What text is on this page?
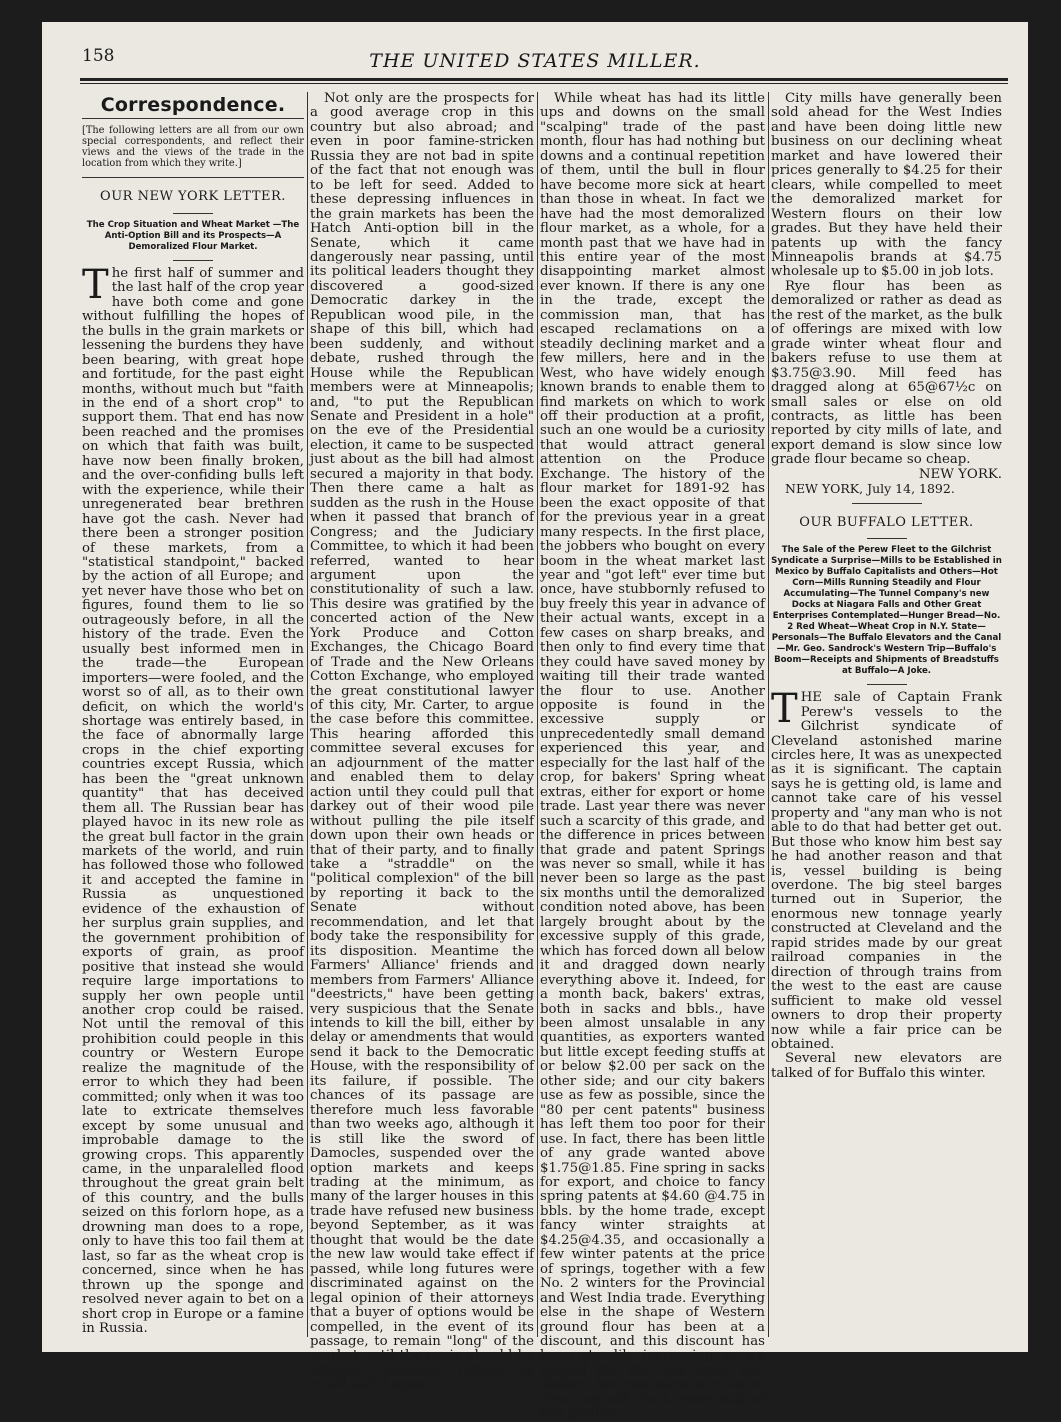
158	THE UNITED STATES MILLER.
Correspondence.
[The following letters are all from our own special correspondents, and reflect their views and the views of the trade in the location from which they write.]
OUR NEW YORK LETTER.
The Crop Situation and Wheat Market —The Anti-Option Bill and its Prospects—A Demoralized Flour Market.

The first half of summer and the last half of the crop year have both come and gone without fulfilling the hopes of the bulls in the grain markets or lessening the burdens they have been bearing, with great hope and fortitude, for the past eight months, without much but "faith in the end of a short crop" to support them. That end has now been reached and the promises on which that faith was built, have now been finally broken, and the over-confiding bulls left with the experience, while their unregenerated bear brethren have got the cash. Never had there been a stronger position of these markets, from a "statistical standpoint," backed by the action of all Europe; and yet never have those who bet on figures, found them to lie so outrageously before, in all the history of the trade. Even the usually best informed men in the trade—the European importers—were fooled, and the worst so of all, as to their own deficit, on which the world's shortage was entirely based, in the face of abnormally large crops in the chief exporting countries except Russia, which has been the "great unknown quantity" that has deceived them all. The Russian bear has played havoc in its new role as the great bull factor in the grain markets of the world, and ruin has followed those who followed it and accepted the famine in Russia as unquestioned evidence of the exhaustion of her surplus grain supplies, and the government prohibition of exports of grain, as proof positive that instead she would require large importations to supply her own people until another crop could be raised. Not until the removal of this prohibition could people in this country or Western Europe realize the magnitude of the error to which they had been committed; only when it was too late to extricate themselves except by some unusual and improbable damage to the growing crops. This apparently came, in the unparalelled flood throughout the great grain belt of this country, and the bulls seized on this forlorn hope, as a drowning man does to a rope, only to have this too fail them at last, so far as the wheat crop is concerned, since when he has thrown up the sponge and resolved never again to bet on a short crop in Europe or a famine in Russia.

Not only are the prospects for a good average crop in this country but also abroad; and even in poor famine-stricken Russia they are not bad in spite of the fact that not enough was to be left for seed. Added to these depressing influences in the grain markets has been the Hatch Anti-option bill in the Senate, which it came dangerously near passing, until its political leaders thought they discovered a good-sized Democratic darkey in the Republican wood pile, in the shape of this bill, which had been suddenly, and without debate, rushed through the House while the Republican members were at Minneapolis; and, "to put the Republican Senate and President in a hole" on the eve of the Presidential election, it came to be suspected just about as the bill had almost secured a majority in that body. Then there came a halt as sudden as the rush in the House when it passed that branch of Congress; and the Judiciary Committee, to which it had been referred, wanted to hear argument upon the constitutionality of such a law. This desire was gratified by the concerted action of the New York Produce and Cotton Exchanges, the Chicago Board of Trade and the New Orleans Cotton Exchange, who employed the great constitutional lawyer of this city, Mr. Carter, to argue the case before this committee. This hearing afforded this committee several excuses for an adjournment of the matter and enabled them to delay action until they could pull that darkey out of their wood pile without pulling the pile itself down upon their own heads or that of their party, and to finally take a "straddle" on the "political complexion" of the bill by reporting it back to the Senate without recommendation, and let that body take the responsibility for its disposition. Meantime the Farmers' Alliance' friends and members from Farmers' Alliance "deestricts," have been getting very suspicious that the Senate intends to kill the bill, either by delay or amendments that would send it back to the Democratic House, with the responsibility of its failure, if possible. The chances of its passage are therefore much less favorable than two weeks ago, although it is still like the sword of Damocles, suspended over the option markets and keeps trading at the minimum, as many of the larger houses in this trade have refused new business beyond September, as it was thought that would be the date the new law would take effect if passed, while long futures were discriminated against on the legal opinion of their attorneys that a buyer of options would be compelled, in the event of its passage, to remain "long" of the market until the grain should be actually delivered before he could sell it again.

While wheat has had its little ups and downs on the small "scalping" trade of the past month, flour has had nothing but downs and a continual repetition of them, until the bull in flour have become more sick at heart than those in wheat. In fact we have had the most demoralized flour market, as a whole, for a month past that we have had in this entire year of the most disappointing market almost ever known. If there is any one in the trade, except the commission man, that has escaped reclamations on a steadily declining market and a few millers, here and in the West, who have widely enough known brands to enable them to find markets on which to work off their production at a profit, such an one would be a curiosity that would attract general attention on the Produce Exchange. The history of the flour market for 1891-92 has been the exact opposite of that for the previous year in a great many respects. In the first place, the jobbers who bought on every boom in the wheat market last year and "got left" ever time but once, have stubbornly refused to buy freely this year in advance of their actual wants, except in a few cases on sharp breaks, and then only to find every time that they could have saved money by waiting till their trade wanted the flour to use. Another opposite is found in the excessive supply or unprecedentedly small demand experienced this year, and especially for the last half of the crop, for bakers' Spring wheat extras, either for export or home trade. Last year there was never such a scarcity of this grade, and the difference in prices between that grade and patent Springs was never so small, while it has never been so large as the past six months until the demoralized condition noted above, has been largely brought about by the excessive supply of this grade, which has forced down all below it and dragged down nearly everything above it. Indeed, for a month back, bakers' extras, both in sacks and bbls., have been almost unsalable in any quantities, as exporters wanted but little except feeding stuffs at or below $2.00 per sack on the other side; and our city bakers use as few as possible, since the "80 per cent patents" business has left them too poor for their use. In fact, there has been little of any grade wanted above $1.75@1.85. Fine spring in sacks for export, and choice to fancy spring patents at $4.60 @4.75 in bbls. by the home trade, except fancy winter straights at $4.25@4.35, and occasionally a few winter patents at the price of springs, together with a few No. 2 winters for the Provincial and West India trade. Everything else in the shape of Western ground flour has been at a discount, and this discount has been steadily increasing as we neared the the new crop, and dealers become more anxious to clear out old stock, especially of low grades.

City mills have generally been sold ahead for the West Indies and have been doing little new business on our declining wheat market and have lowered their prices generally to $4.25 for their clears, while compelled to meet the demoralized market for Western flours on their low grades. But they have held their patents up with the fancy Minneapolis brands at $4.75 wholesale up to $5.00 in job lots.

Rye flour has been as demoralized or rather as dead as the rest of the market, as the bulk of offerings are mixed with low grade winter wheat flour and bakers refuse to use them at $3.75@3.90. Mill feed has dragged along at 65@67½c on small sales or else on old contracts, as little has been reported by city mills of late, and export demand is slow since low grade flour became so cheap.

NEW YORK.

NEW YORK, July 14, 1892.

OUR BUFFALO LETTER.
The Sale of the Perew Fleet to the Gilchrist Syndicate a Surprise—Mills to be Established in Mexico by Buffalo Capitalists and Others—Hot Corn—Mills Running Steadily and Flour Accumulating—The Tunnel Company's new Docks at Niagara Falls and Other Great Enterprises Contemplated—Hunger Bread—No. 2 Red Wheat—Wheat Crop in N.Y. State—Personals—The Buffalo Elevators and the Canal—Mr. Geo. Sandrock's Western Trip—Buffalo's Boom—Receipts and Shipments of Breadstuffs at Buffalo—A Joke.

THE sale of Captain Frank Perew's vessels to the Gilchrist syndicate of Cleveland astonished marine circles here, It was as unexpected as it is significant. The captain says he is getting old, is lame and cannot take care of his vessel property and "any man who is not able to do that had better get out. But those who know him best say he had another reason and that is, vessel building is being overdone. The big steel barges turned out in Superior, the enormous new tonnage yearly constructed at Cleveland and the rapid strides made by our great railroad companies in the direction of through trains from the west to the east are cause sufficient to make old vessel owners to drop their property now while a fair price can be obtained.

Several new elevators are talked of for Buffalo this winter.
